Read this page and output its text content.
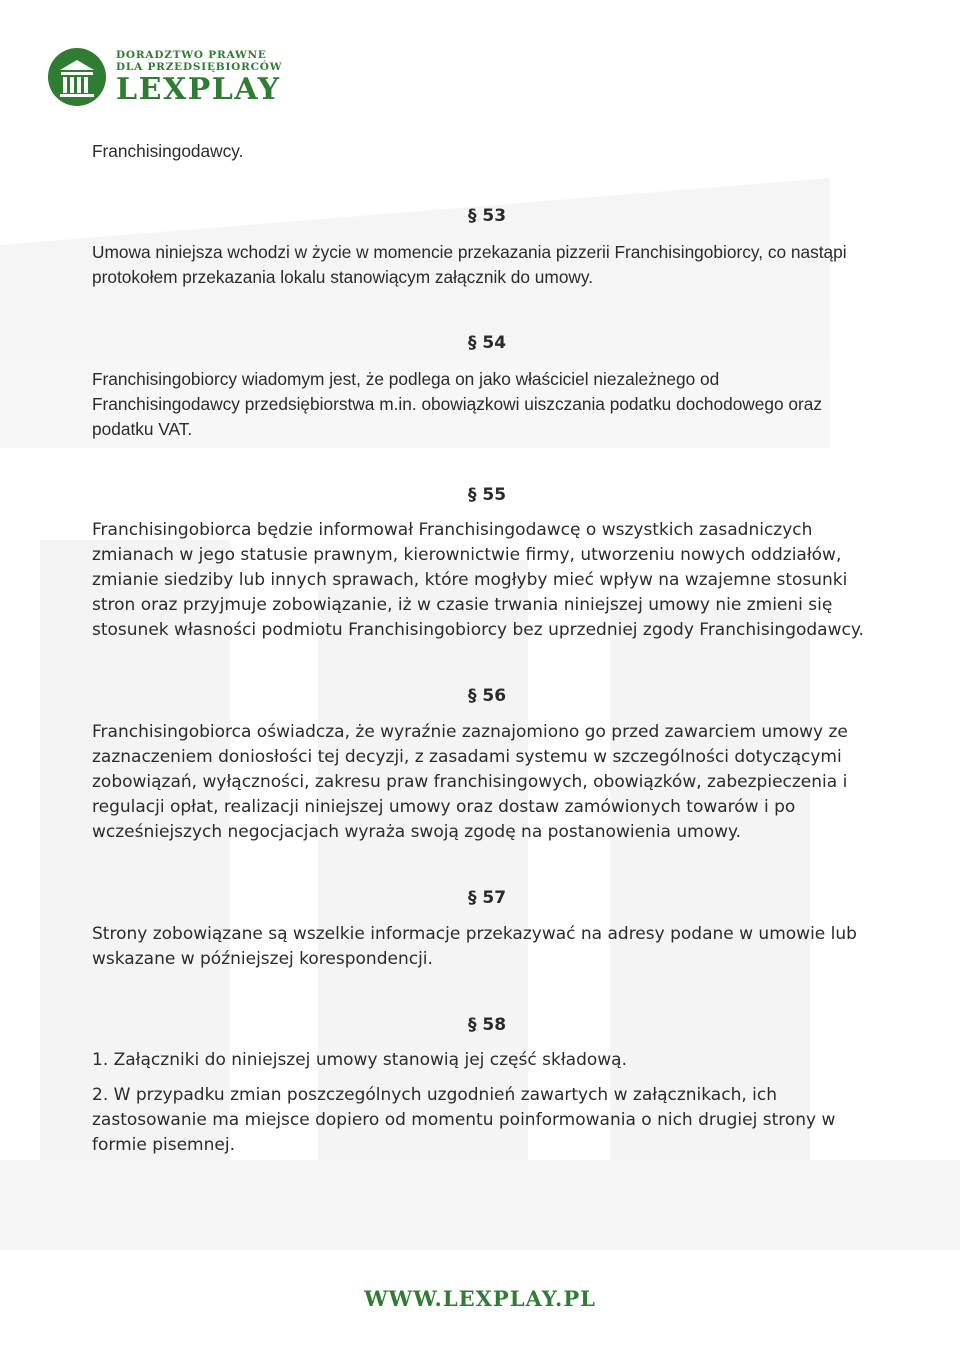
DORADZTWO PRAWNE
DLA PRZEDSIĘBIORCÓW
LEXPLAY

Franchisingodawcy.

§ 53

Umowa niniejsza wchodzi w życie w momencie przekazania pizzerii Franchisingobiorcy, co nastąpi protokołem przekazania lokalu stanowiącym załącznik do umowy.

§ 54

Franchisingobiorcy wiadomym jest, że podlega on jako właściciel niezależnego od Franchisingodawcy przedsiębiorstwa m.in. obowiązkowi uiszczania podatku dochodowego oraz podatku VAT.

§ 55

Franchisingobiorca będzie informował Franchisingodawcę o wszystkich zasadniczych zmianach w jego statusie prawnym, kierownictwie firmy, utworzeniu nowych oddziałów, zmianie siedziby lub innych sprawach, które mogłyby mieć wpływ na wzajemne stosunki stron oraz przyjmuje zobowiązanie, iż w czasie trwania niniejszej umowy nie zmieni się stosunek własności podmiotu Franchisingobiorcy bez uprzedniej zgody Franchisingodawcy.

§ 56

Franchisingobiorca oświadcza, że wyraźnie zaznajomiono go przed zawarciem umowy ze zaznaczeniem doniosłości tej decyzji, z zasadami systemu w szczególności dotyczącymi zobowiązań, wyłączności, zakresu praw franchisingowych, obowiązków, zabezpieczenia i regulacji opłat, realizacji niniejszej umowy oraz dostaw zamówionych towarów i po wcześniejszych negocjacjach wyraża swoją zgodę na postanowienia umowy.

§ 57

Strony zobowiązane są wszelkie informacje przekazywać na adresy podane w umowie lub wskazane w późniejszej korespondencji.

§ 58

1. Załączniki do niniejszej umowy stanowią jej część składową.

2. W przypadku zmian poszczególnych uzgodnień zawartych w załącznikach, ich zastosowanie ma miejsce dopiero od momentu poinformowania o nich drugiej strony w formie pisemnej.

WWW.LEXPLAY.PL
